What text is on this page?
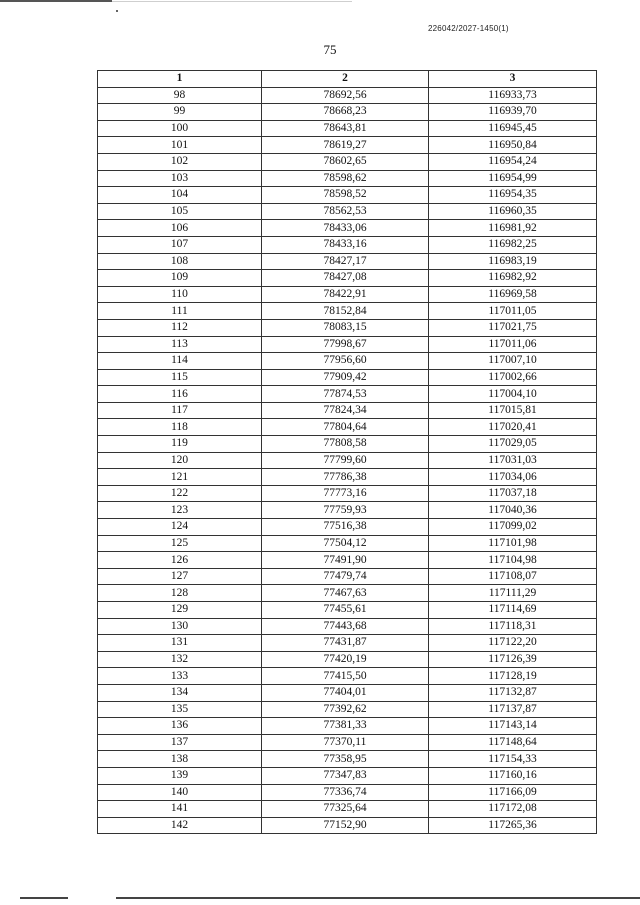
226042/2027-1450(1)
75
1	2	3
98	78692,56	116933,73
99	78668,23	116939,70
100	78643,81	116945,45
101	78619,27	116950,84
102	78602,65	116954,24
103	78598,62	116954,99
104	78598,52	116954,35
105	78562,53	116960,35
106	78433,06	116981,92
107	78433,16	116982,25
108	78427,17	116983,19
109	78427,08	116982,92
110	78422,91	116969,58
111	78152,84	117011,05
112	78083,15	117021,75
113	77998,67	117011,06
114	77956,60	117007,10
115	77909,42	117002,66
116	77874,53	117004,10
117	77824,34	117015,81
118	77804,64	117020,41
119	77808,58	117029,05
120	77799,60	117031,03
121	77786,38	117034,06
122	77773,16	117037,18
123	77759,93	117040,36
124	77516,38	117099,02
125	77504,12	117101,98
126	77491,90	117104,98
127	77479,74	117108,07
128	77467,63	117111,29
129	77455,61	117114,69
130	77443,68	117118,31
131	77431,87	117122,20
132	77420,19	117126,39
133	77415,50	117128,19
134	77404,01	117132,87
135	77392,62	117137,87
136	77381,33	117143,14
137	77370,11	117148,64
138	77358,95	117154,33
139	77347,83	117160,16
140	77336,74	117166,09
141	77325,64	117172,08
142	77152,90	117265,36
